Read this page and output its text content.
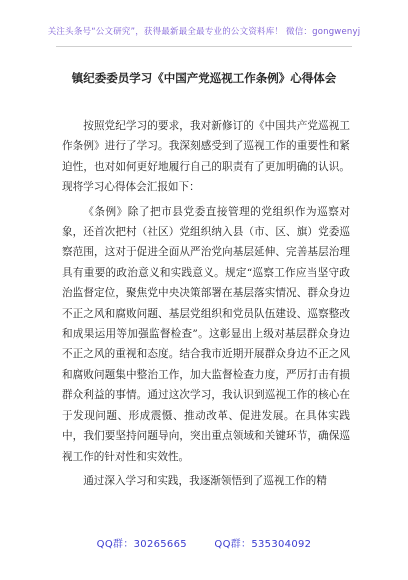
关注头条号“公文研究”，获得最新最全最专业的公文资料库！ 微信：gongwenyj
镇纪委委员学习《中国产党巡视工作条例》心得体会

按照党纪学习的要求，我对新修订的《中国共产党巡视工作条例》进行了学习。我深刻感受到了巡视工作的重要性和紧迫性，也对如何更好地履行自己的职责有了更加明确的认识。现将学习心得体会汇报如下：

《条例》除了把市县党委直接管理的党组织作为巡察对象，还首次把村（社区）党组织纳入县（市、区、旗）党委巡察范围，这对于促进全面从严治党向基层延伸、完善基层治理具有重要的政治意义和实践意义。规定“巡察工作应当坚守政治监督定位，聚焦党中央决策部署在基层落实情况、群众身边不正之风和腐败问题、基层党组织和党员队伍建设、巡察整改和成果运用等加强监督检查”。这彰显出上级对基层群众身边不正之风的重视和态度。结合我市近期开展群众身边不正之风和腐败问题集中整治工作，加大监督检查力度，严厉打击有损群众利益的事情。通过这次学习，我认识到巡视工作的核心在于发现问题、形成震慑、推动改革、促进发展。在具体实践中，我们要坚持问题导向，突出重点领域和关键环节，确保巡视工作的针对性和实效性。

通过深入学习和实践，我逐渐领悟到了巡视工作的精

QQ群：30265665	QQ群：535304092
